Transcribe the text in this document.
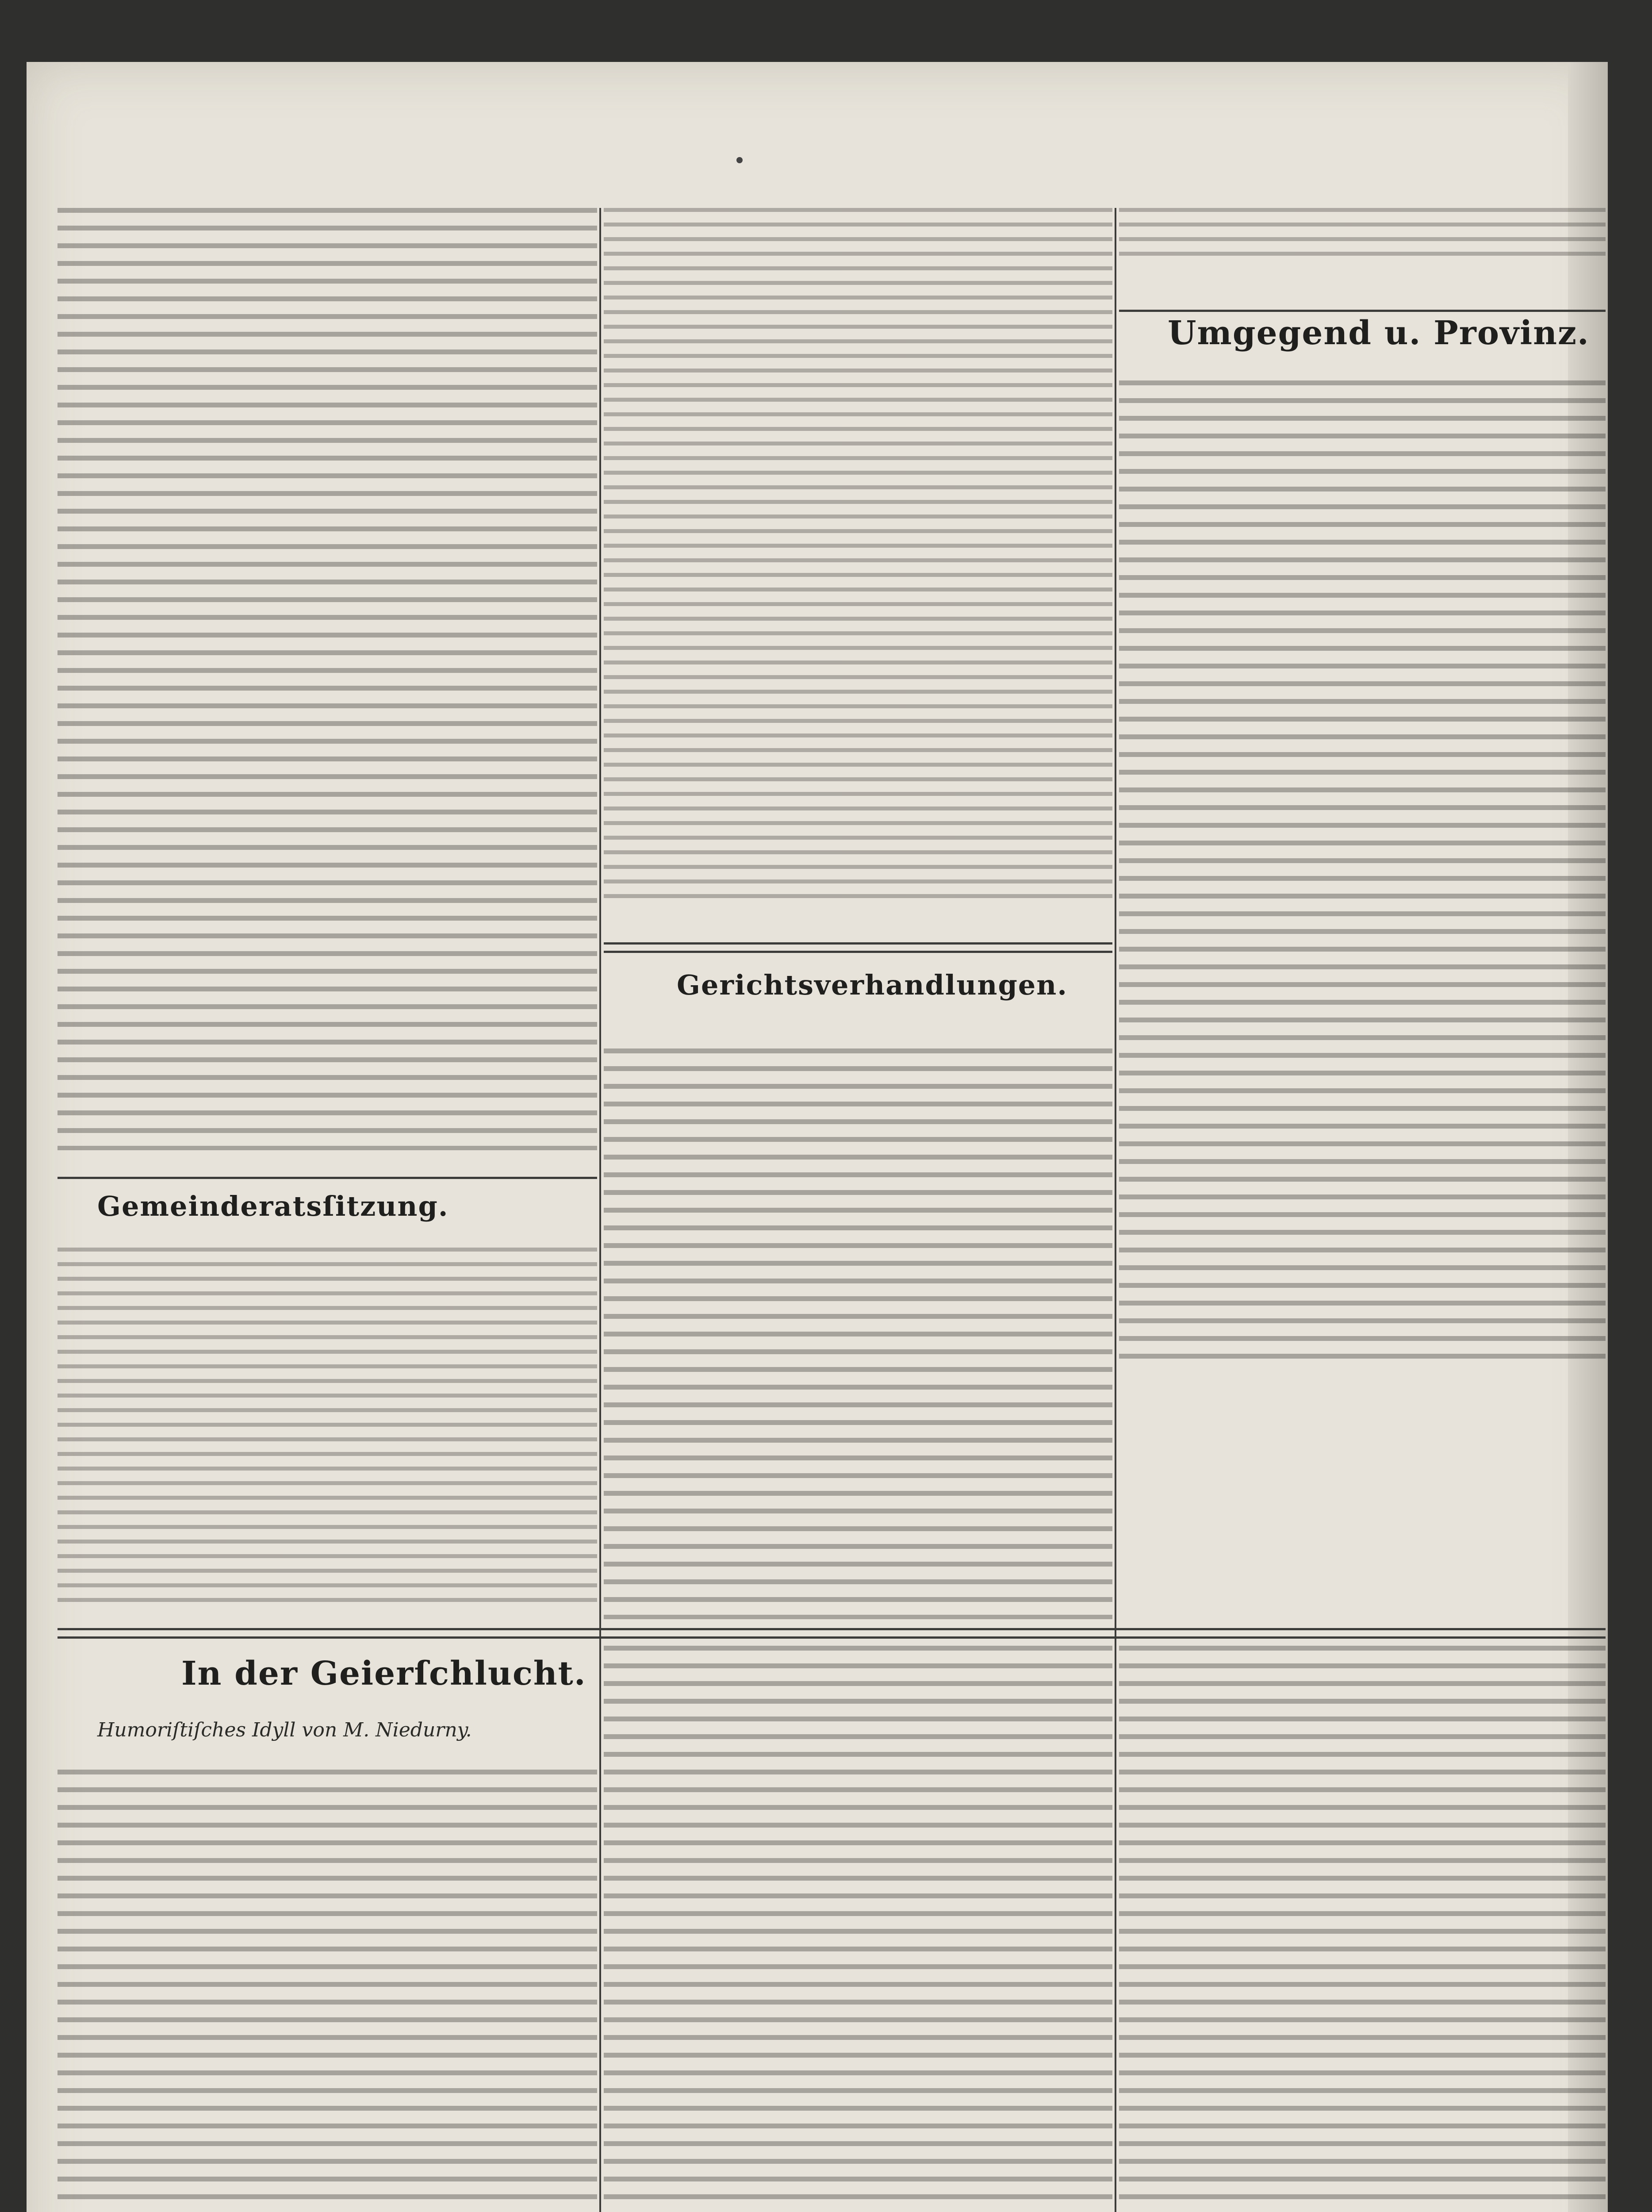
Umgegend u. Provinz.
Gemeinderatsſitzung.
Gerichtsverhandlungen.
In der Geierſchlucht.
Humoriſtiſches Idyll von M. Niedurny.
